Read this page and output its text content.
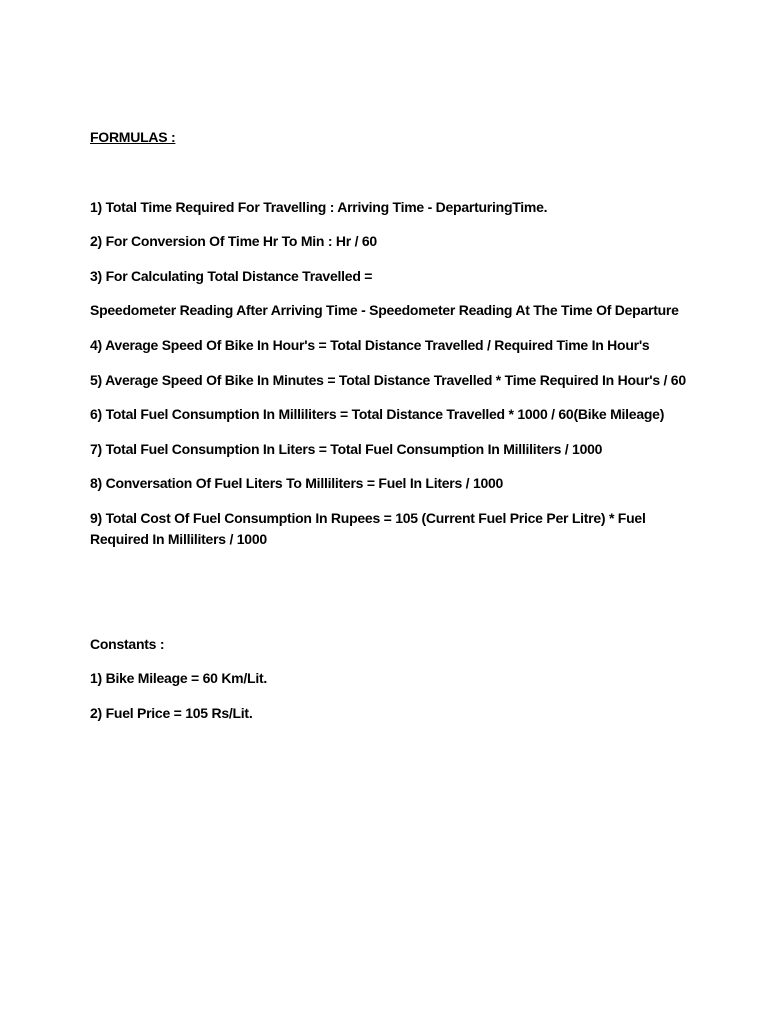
FORMULAS :
1) Total Time Required For Travelling : Arriving Time - DeparturingTime.
2) For Conversion Of Time Hr To Min : Hr / 60
3) For Calculating Total Distance Travelled =
Speedometer Reading After Arriving Time - Speedometer Reading At The Time Of Departure
4) Average Speed Of Bike In Hour's = Total Distance Travelled / Required Time In Hour's
5) Average Speed Of Bike In Minutes = Total Distance Travelled * Time Required In Hour's / 60
6) Total Fuel Consumption In Milliliters = Total Distance Travelled * 1000 / 60(Bike Mileage)
7) Total Fuel Consumption In Liters = Total Fuel Consumption In Milliliters / 1000
8) Conversation Of Fuel Liters To Milliliters = Fuel In Liters / 1000
9) Total Cost Of Fuel Consumption In Rupees = 105 (Current Fuel Price Per Litre) * Fuel Required In Milliliters / 1000
Constants :
1) Bike Mileage = 60 Km/Lit.
2) Fuel Price = 105 Rs/Lit.
